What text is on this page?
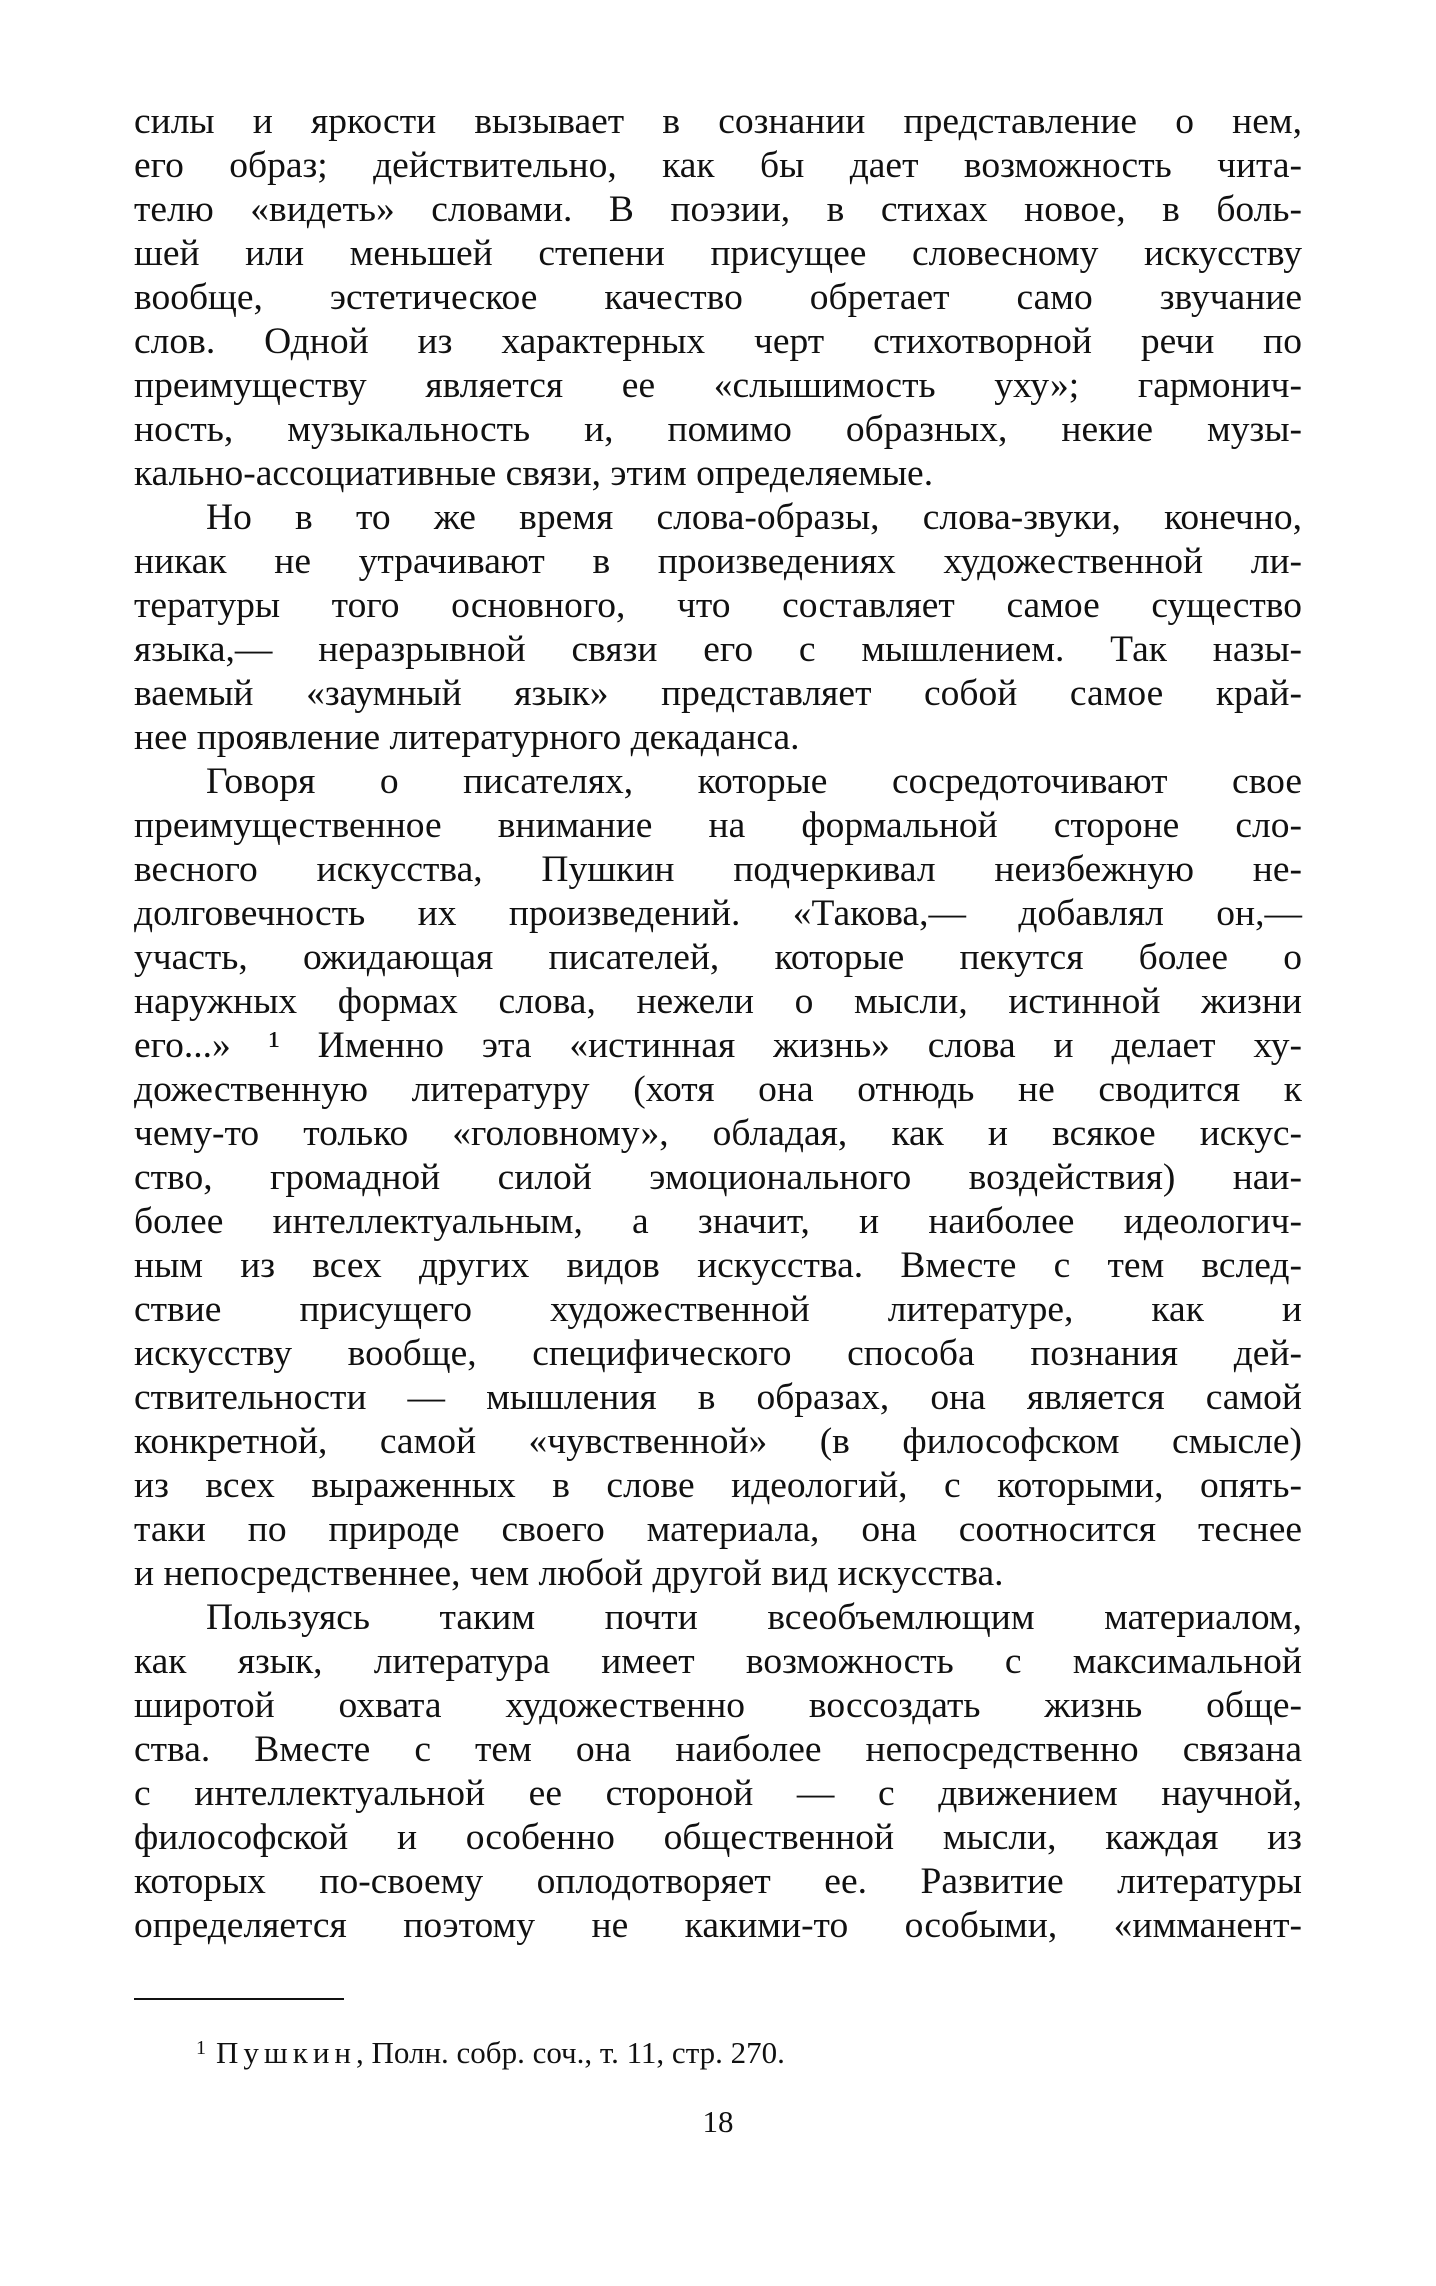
силы и яркости вызывает в сознании представление о нем,
его образ; действительно, как бы дает возможность чита-
телю «видеть» словами. В поэзии, в стихах новое, в боль-
шей или меньшей степени присущее словесному искусству
вообще, эстетическое качество обретает само звучание
слов. Одной из характерных черт стихотворной речи по
преимуществу является ее «слышимость уху»; гармонич-
ность, музыкальность и, помимо образных, некие музы-
кально-ассоциативные связи, этим определяемые.

Но в то же время слова-образы, слова-звуки, конечно,
никак не утрачивают в произведениях художественной ли-
тературы того основного, что составляет самое существо
языка,— неразрывной связи его с мышлением. Так назы-
ваемый «заумный язык» представляет собой самое край-
нее проявление литературного декаданса.

Говоря о писателях, которые сосредоточивают свое
преимущественное внимание на формальной стороне сло-
весного искусства, Пушкин подчеркивал неизбежную не-
долговечность их произведений. «Такова,— добавлял он,—
участь, ожидающая писателей, которые пекутся более о
наружных формах слова, нежели о мысли, истинной жизни
его...» ¹ Именно эта «истинная жизнь» слова и делает ху-
дожественную литературу (хотя она отнюдь не сводится к
чему-то только «головному», обладая, как и всякое искус-
ство, громадной силой эмоционального воздействия) наи-
более интеллектуальным, а значит, и наиболее идеологич-
ным из всех других видов искусства. Вместе с тем вслед-
ствие присущего художественной литературе, как и
искусству вообще, специфического способа познания дей-
ствительности — мышления в образах, она является самой
конкретной, самой «чувственной» (в философском смысле)
из всех выраженных в слове идеологий, с которыми, опять-
таки по природе своего материала, она соотносится теснее
и непосредственнее, чем любой другой вид искусства.

Пользуясь таким почти всеобъемлющим материалом,
как язык, литература имеет возможность с максимальной
широтой охвата художественно воссоздать жизнь обще-
ства. Вместе с тем она наиболее непосредственно связана
с интеллектуальной ее стороной — с движением научной,
философской и особенно общественной мысли, каждая из
которых по-своему оплодотворяет ее. Развитие литературы
определяется поэтому не какими-то особыми, «имманент-

$^1$ Пушкин, Полн. собр. соч., т. 11, стр. 270.
18
